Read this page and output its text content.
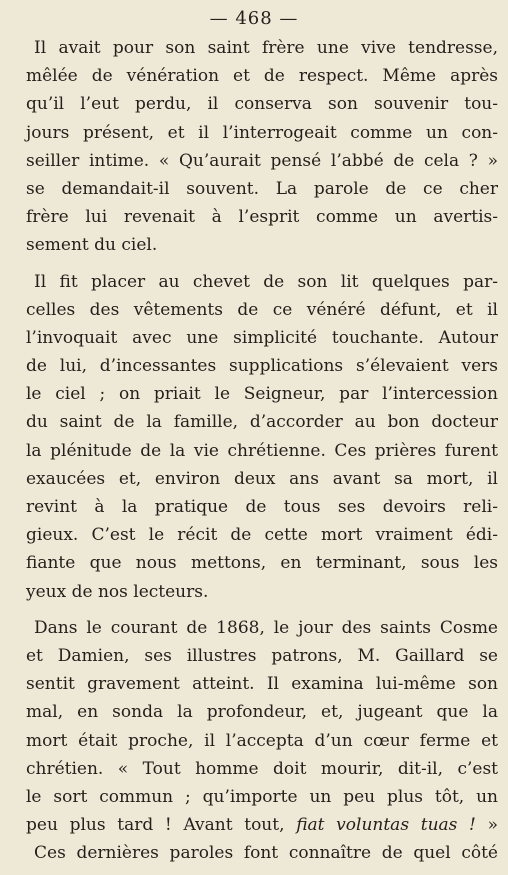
— 468 —
Il avait pour son saint frère une vive tendresse,
mêlée de vénération et de respect. Même après
qu’il l’eut perdu, il conserva son souvenir tou-
jours présent, et il l’interrogeait comme un con-
seiller intime. « Qu’aurait pensé l’abbé de cela ? »
se demandait-il souvent. La parole de ce cher
frère lui revenait à l’esprit comme un avertis-
sement du ciel.
Il fit placer au chevet de son lit quelques par-
celles des vêtements de ce vénéré défunt, et il
l’invoquait avec une simplicité touchante. Autour
de lui, d’incessantes supplications s’élevaient vers
le ciel ; on priait le Seigneur, par l’intercession
du saint de la famille, d’accorder au bon docteur
la plénitude de la vie chrétienne. Ces prières furent
exaucées et, environ deux ans avant sa mort, il
revint à la pratique de tous ses devoirs reli-
gieux. C’est le récit de cette mort vraiment édi-
fiante que nous mettons, en terminant, sous les
yeux de nos lecteurs.
Dans le courant de 1868, le jour des saints Cosme
et Damien, ses illustres patrons, M. Gaillard se
sentit gravement atteint. Il examina lui-même son
mal, en sonda la profondeur, et, jugeant que la
mort était proche, il l’accepta d’un cœur ferme et
chrétien. « Tout homme doit mourir, dit-il, c’est
le sort commun ; qu’importe un peu plus tôt, un
peu plus tard ! Avant tout, fiat voluntas tuas ! »
Ces dernières paroles font connaître de quel côté
